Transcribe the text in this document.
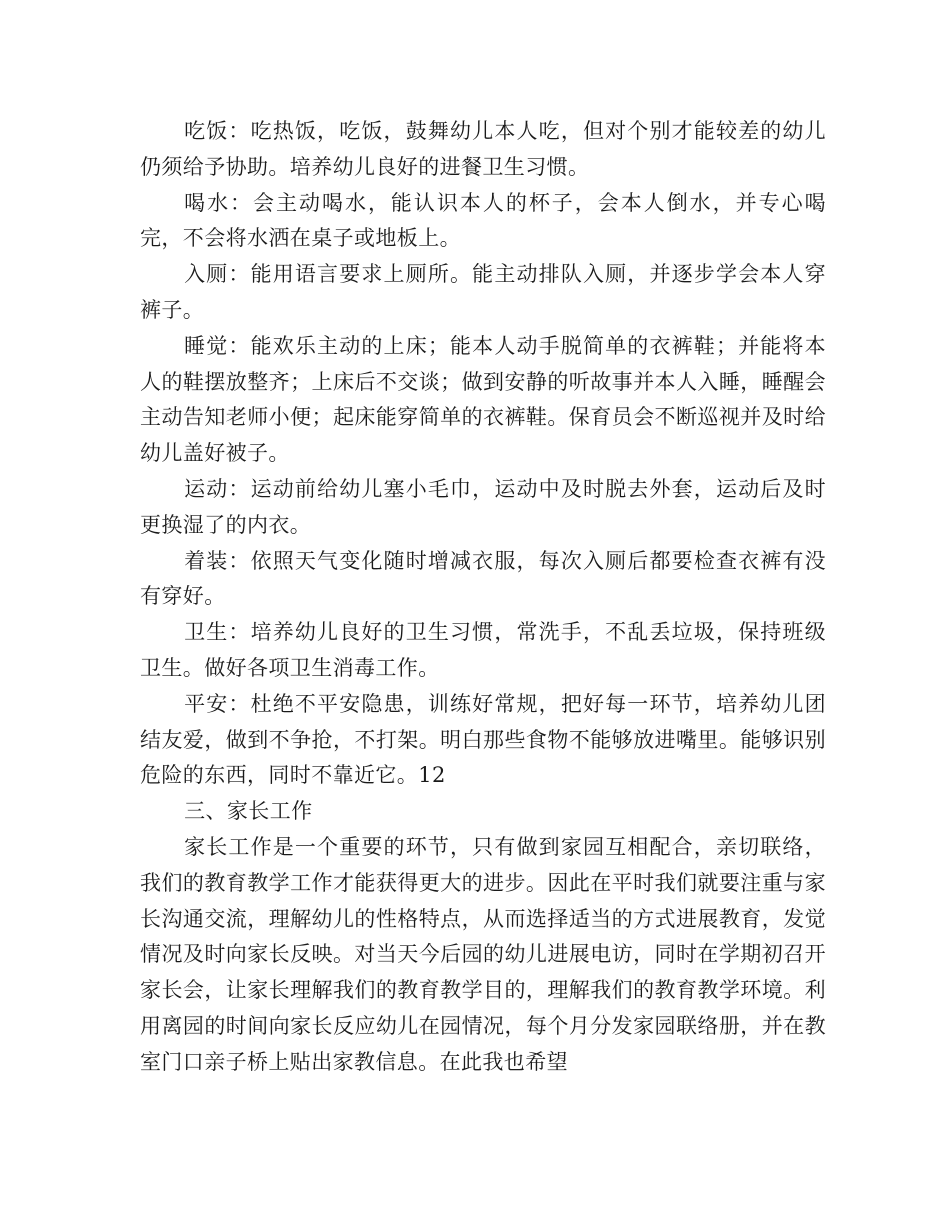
吃饭：吃热饭，吃饭，鼓舞幼儿本人吃，但对个别才能较差的幼儿仍须给予协助。培养幼儿良好的进餐卫生习惯。

喝水：会主动喝水，能认识本人的杯子，会本人倒水，并专心喝完，不会将水洒在桌子或地板上。

入厕：能用语言要求上厕所。能主动排队入厕，并逐步学会本人穿裤子。

睡觉：能欢乐主动的上床；能本人动手脱简单的衣裤鞋；并能将本人的鞋摆放整齐；上床后不交谈；做到安静的听故事并本人入睡，睡醒会主动告知老师小便；起床能穿简单的衣裤鞋。保育员会不断巡视并及时给幼儿盖好被子。

运动：运动前给幼儿塞小毛巾，运动中及时脱去外套，运动后及时更换湿了的内衣。

着装：依照天气变化随时增减衣服，每次入厕后都要检查衣裤有没有穿好。

卫生：培养幼儿良好的卫生习惯，常洗手，不乱丢垃圾，保持班级卫生。做好各项卫生消毒工作。

平安：杜绝不平安隐患，训练好常规，把好每一环节，培养幼儿团结友爱，做到不争抢，不打架。明白那些食物不能够放进嘴里。能够识别危险的东西，同时不靠近它。12

三、家长工作

家长工作是一个重要的环节，只有做到家园互相配合，亲切联络，我们的教育教学工作才能获得更大的进步。因此在平时我们就要注重与家长沟通交流，理解幼儿的性格特点，从而选择适当的方式进展教育，发觉情况及时向家长反映。对当天今后园的幼儿进展电访，同时在学期初召开家长会，让家长理解我们的教育教学目的，理解我们的教育教学环境。利用离园的时间向家长反应幼儿在园情况，每个月分发家园联络册，并在教室门口亲子桥上贴出家教信息。在此我也希望
